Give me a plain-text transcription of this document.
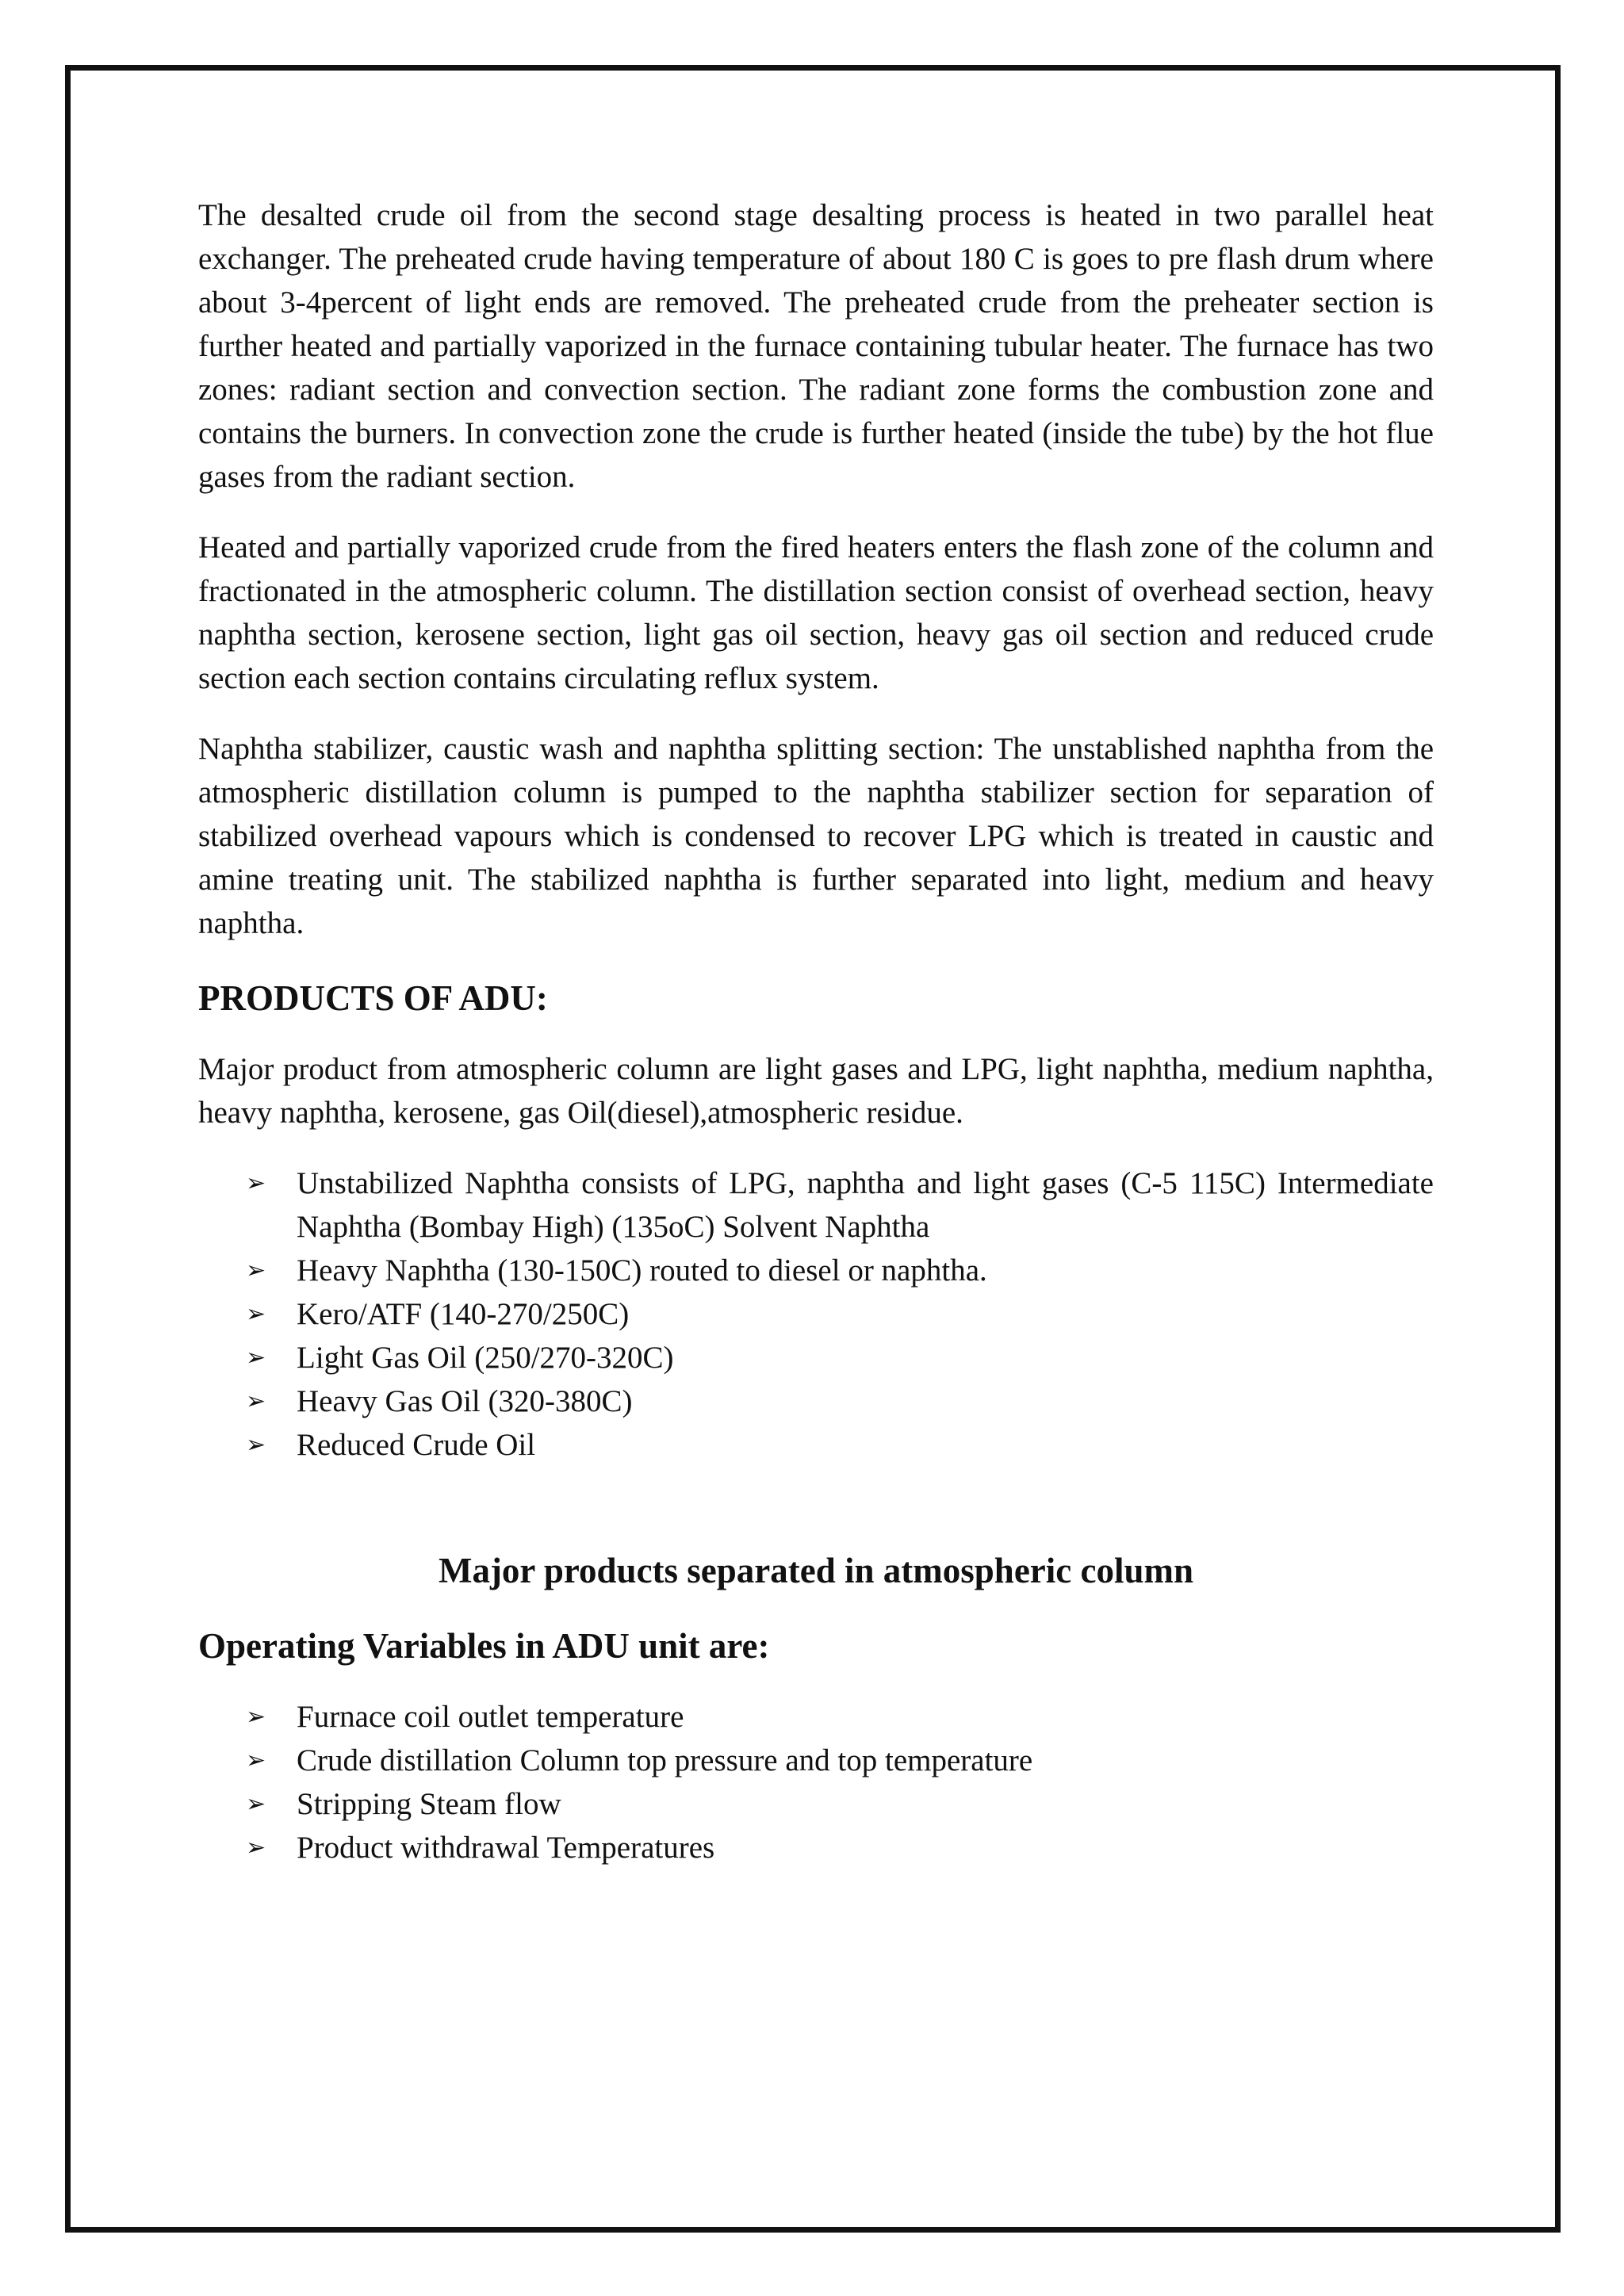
The desalted crude oil from the second stage desalting process is heated in two parallel heat exchanger. The preheated crude having temperature of about 180 C is goes to pre flash drum where about 3-4percent of light ends are removed. The preheated crude from the preheater section is further heated and partially vaporized in the furnace containing tubular heater. The furnace has two zones: radiant section and convection section. The radiant zone forms the combustion zone and contains the burners. In convection zone the crude is further heated (inside the tube) by the hot flue gases from the radiant section.

Heated and partially vaporized crude from the fired heaters enters the flash zone of the column and fractionated in the atmospheric column. The distillation section consist of overhead section, heavy naphtha section, kerosene section, light gas oil section, heavy gas oil section and reduced crude section each section contains circulating reflux system.

Naphtha stabilizer, caustic wash and naphtha splitting section: The unstablished naphtha from the atmospheric distillation column is pumped to the naphtha stabilizer section for separation of stabilized overhead vapours which is condensed to recover LPG which is treated in caustic and amine treating unit. The stabilized naphtha is further separated into light, medium and heavy naphtha.

PRODUCTS OF ADU:

Major product from atmospheric column are light gases and LPG, light naphtha, medium naphtha, heavy naphtha, kerosene, gas Oil(diesel),atmospheric residue.

➢ Unstabilized Naphtha consists of LPG, naphtha and light gases (C-5 115C) Intermediate Naphtha (Bombay High) (135oC) Solvent Naphtha
➢ Heavy Naphtha (130-150C) routed to diesel or naphtha.
➢ Kero/ATF (140-270/250C)
➢ Light Gas Oil (250/270-320C)
➢ Heavy Gas Oil (320-380C)
➢ Reduced Crude Oil
Major products separated in atmospheric column
Operating Variables in ADU unit are:
➢ Furnace coil outlet temperature
➢ Crude distillation Column top pressure and top temperature
➢ Stripping Steam flow
➢ Product withdrawal Temperatures
